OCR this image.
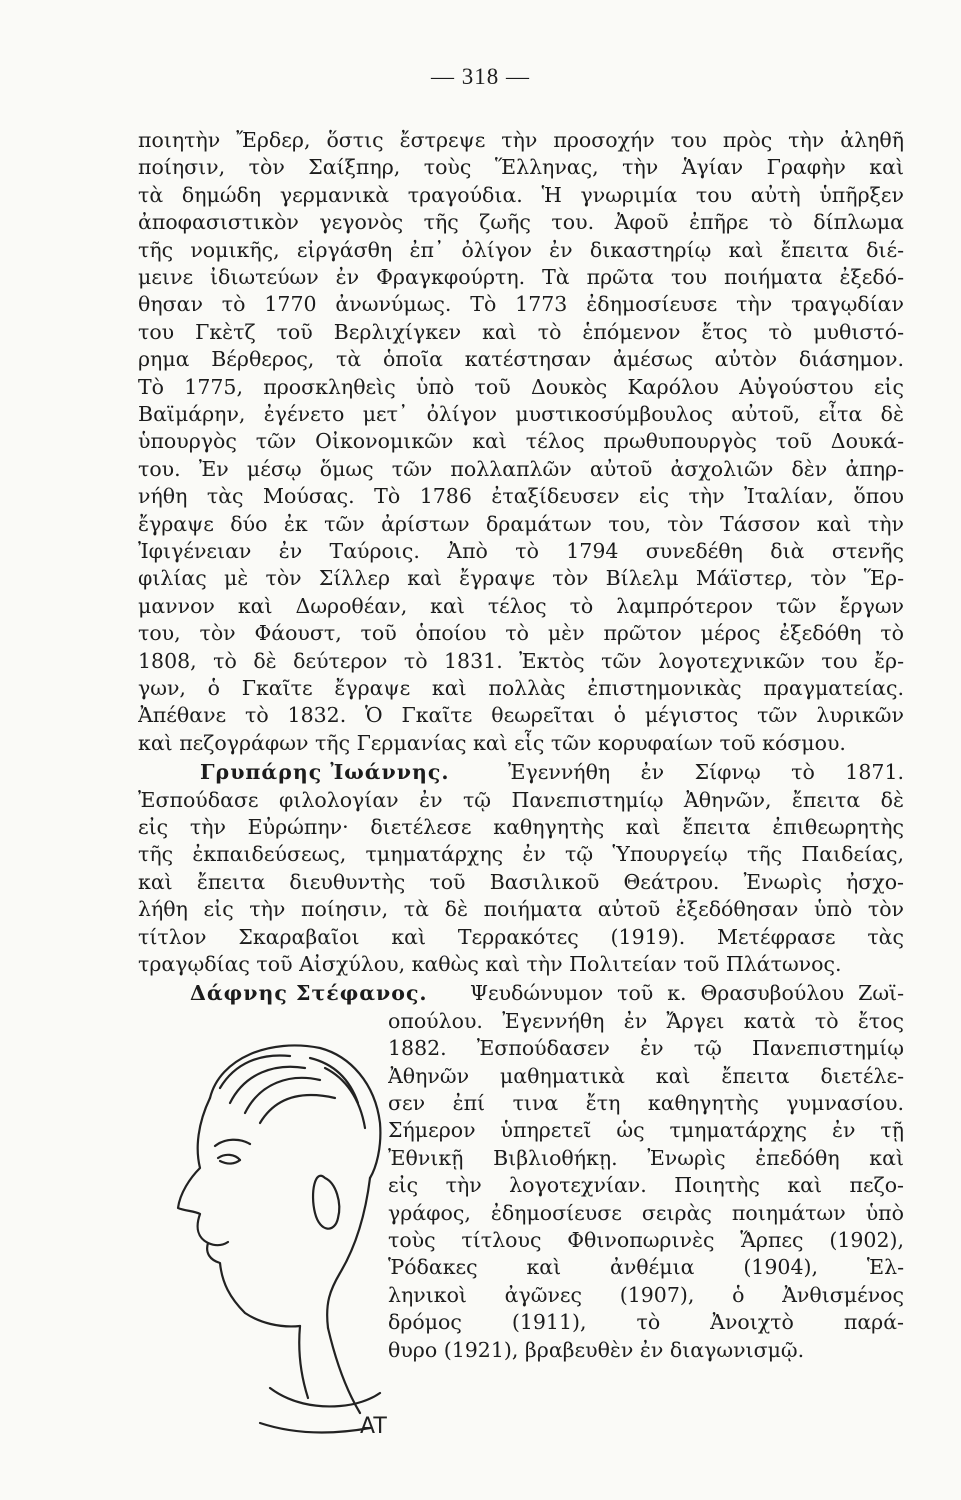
— 318 —
ποιητὴν Ἔρδερ, ὅστις ἔστρεψε τὴν προσοχήν του πρὸς τὴν ἀληθῆ
ποίησιν, τὸν Σαίξπηρ, τοὺς Ἕλληνας, τὴν Ἁγίαν Γραφὴν καὶ
τὰ δημώδη γερμανικὰ τραγούδια. Ἡ γνωριμία του αὐτὴ ὑπῆρξεν
ἀποφασιστικὸν γεγονὸς τῆς ζωῆς του. Ἀφοῦ ἐπῆρε τὸ δίπλωμα
τῆς νομικῆς, εἰργάσθη ἐπ᾽ ὀλίγον ἐν δικαστηρίῳ καὶ ἔπειτα διέ-
μεινε ἰδιωτεύων ἐν Φραγκφούρτη. Τὰ πρῶτα του ποιήματα ἐξεδό-
θησαν τὸ 1770 ἀνωνύμως. Τὸ 1773 ἐδημοσίευσε τὴν τραγῳδίαν
του Γκὲτζ τοῦ Βερλιχίγκεν καὶ τὸ ἑπόμενον ἔτος τὸ μυθιστό-
ρημα Βέρθερος, τὰ ὁποῖα κατέστησαν ἀμέσως αὐτὸν διάσημον.
Τὸ 1775, προσκληθεὶς ὑπὸ τοῦ Δουκὸς Καρόλου Αὐγούστου εἰς
Βαϊμάρην, ἐγένετο μετ᾽ ὀλίγον μυστικοσύμβουλος αὐτοῦ, εἶτα δὲ
ὑπουργὸς τῶν Οἰκονομικῶν καὶ τέλος πρωθυπουργὸς τοῦ Δουκά-
του. Ἐν μέσῳ ὅμως τῶν πολλαπλῶν αὐτοῦ ἀσχολιῶν δὲν ἀπηρ-
νήθη τὰς Μούσας. Τὸ 1786 ἐταξίδευσεν εἰς τὴν Ἰταλίαν, ὅπου
ἔγραψε δύο ἐκ τῶν ἀρίστων δραμάτων του, τὸν Τάσσον καὶ τὴν
Ἰφιγένειαν ἐν Ταύροις. Ἀπὸ τὸ 1794 συνεδέθη διὰ στενῆς
φιλίας μὲ τὸν Σίλλερ καὶ ἔγραψε τὸν Βίλελμ Μάϊστερ, τὸν Ἕρ-
μαννον καὶ Δωροθέαν, καὶ τέλος τὸ λαμπρότερον τῶν ἔργων
του, τὸν Φάουστ, τοῦ ὁποίου τὸ μὲν πρῶτον μέρος ἐξεδόθη τὸ
1808, τὸ δὲ δεύτερον τὸ 1831. Ἐκτὸς τῶν λογοτεχνικῶν του ἔρ-
γων, ὁ Γκαῖτε ἔγραψε καὶ πολλὰς ἐπιστημονικὰς πραγματείας.
Ἀπέθανε τὸ 1832. Ὁ Γκαῖτε θεωρεῖται ὁ μέγιστος τῶν λυρικῶν
καὶ πεζογράφων τῆς Γερμανίας καὶ εἷς τῶν κορυφαίων τοῦ κόσμου.
Γρυπάρης Ἰωάννης.	Ἐγεννήθη ἐν Σίφνῳ τὸ 1871.
Ἐσπούδασε φιλολογίαν ἐν τῷ Πανεπιστημίῳ Ἀθηνῶν, ἔπειτα δὲ
εἰς τὴν Εὐρώπην· διετέλεσε καθηγητὴς καὶ ἔπειτα ἐπιθεωρητὴς
τῆς ἐκπαιδεύσεως, τμηματάρχης ἐν τῷ Ὑπουργείῳ τῆς Παιδείας,
καὶ ἔπειτα διευθυντὴς τοῦ Βασιλικοῦ Θεάτρου. Ἐνωρὶς ἠσχο-
λήθη εἰς τὴν ποίησιν, τὰ δὲ ποιήματα αὐτοῦ ἐξεδόθησαν ὑπὸ τὸν
τίτλον Σκαραβαῖοι καὶ Τερρακότες (1919). Μετέφρασε τὰς
τραγῳδίας τοῦ Αἰσχύλου, καθὼς καὶ τὴν Πολιτείαν τοῦ Πλάτωνος.
Δάφνης Στέφανος.	Ψευδώνυμον τοῦ κ. Θρασυβούλου Ζωϊ-
οπούλου. Ἐγεννήθη ἐν Ἄργει κατὰ τὸ ἔτος
1882. Ἐσπούδασεν ἐν τῷ Πανεπιστημίῳ
Ἀθηνῶν μαθηματικὰ καὶ ἔπειτα διετέλε-
σεν ἐπί τινα ἔτη καθηγητὴς γυμνασίου.
Σήμερον ὑπηρετεῖ ὡς τμηματάρχης ἐν τῇ
Ἐθνικῇ Βιβλιοθήκῃ. Ἐνωρὶς ἐπεδόθη καὶ
εἰς τὴν λογοτεχνίαν. Ποιητὴς καὶ πεζο-
γράφος, ἐδημοσίευσε σειρὰς ποιημάτων ὑπὸ
τοὺς τίτλους Φθινοπωρινὲς Ἅρπες (1902),
Ῥόδακες καὶ ἀνθέμια (1904), Ἑλ-
ληνικοὶ ἀγῶνες (1907), ὁ Ἀνθισμένος
δρόμος (1911), τὸ Ἀνοιχτὸ παρά-
θυρο (1921), βραβευθὲν ἐν διαγωνισμῷ.
AT
